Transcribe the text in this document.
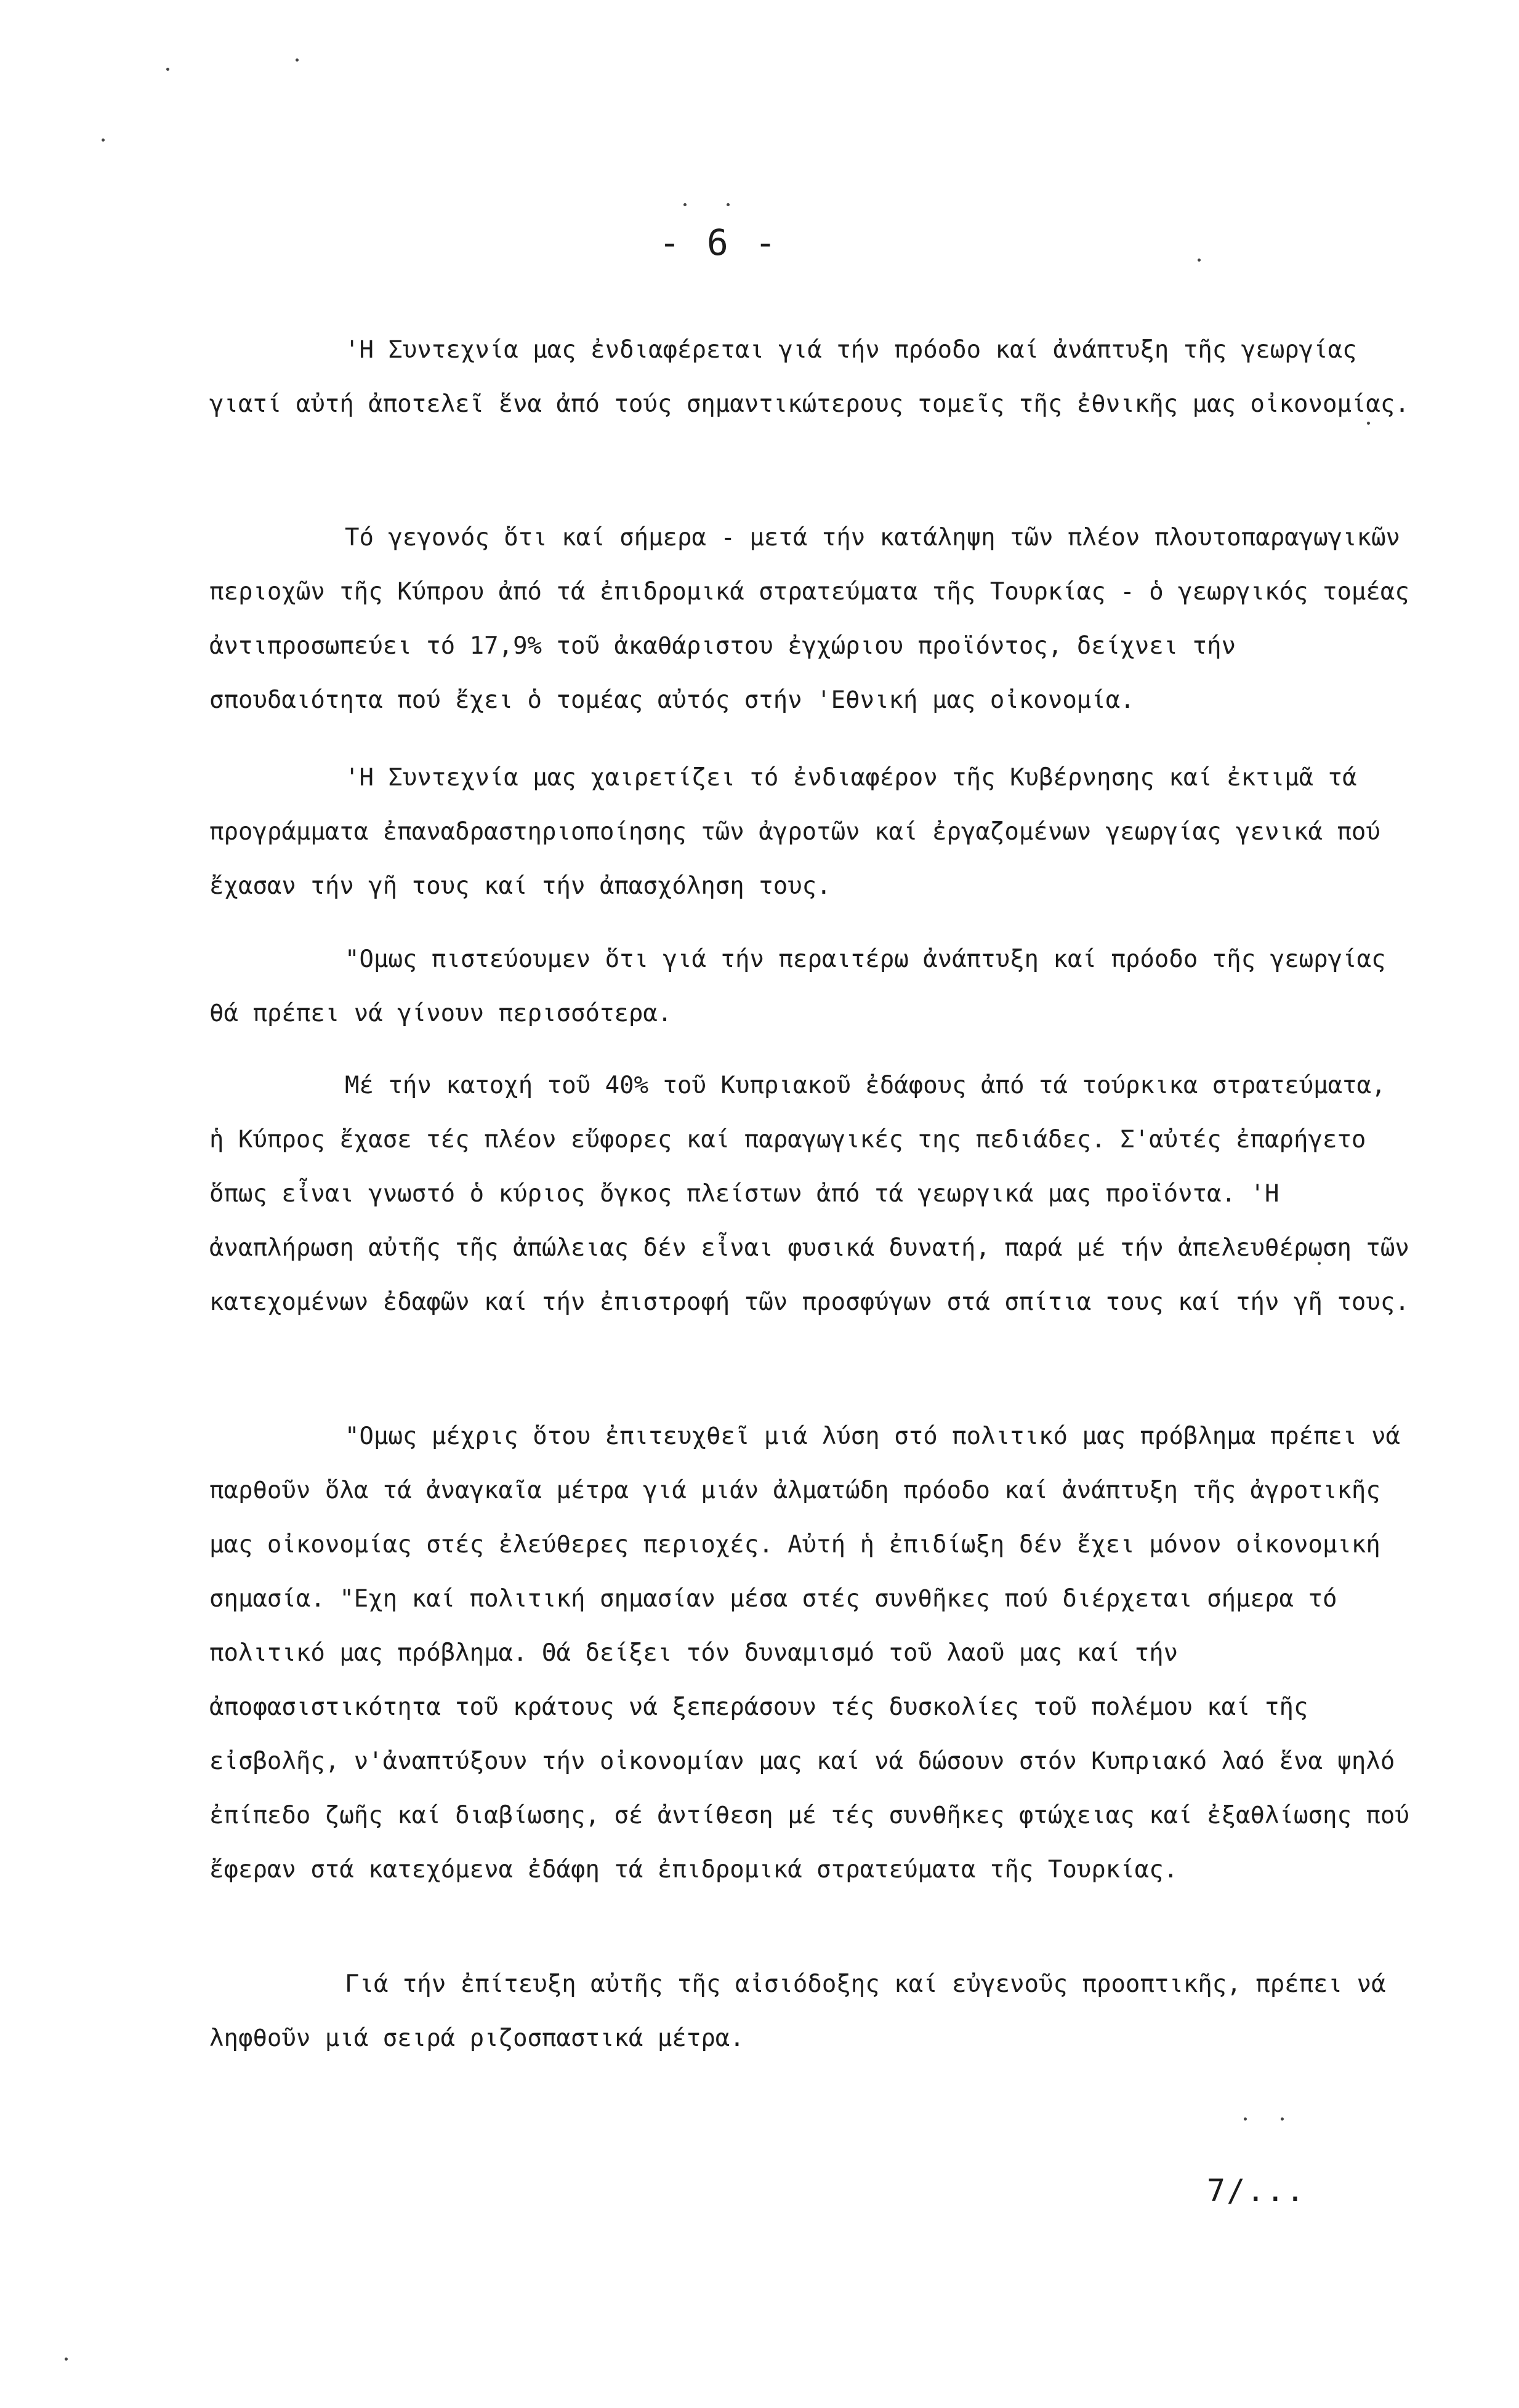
- 6 -

'Η Συντεχνία μας ἐνδιαφέρεται γιά τήν πρόοδο καί ἀνάπτυξη τῆς γεωργίας γιατί αὐτή ἀποτελεῖ ἕνα ἀπό τούς σημαντικώτερους τομεῖς τῆς ἐθνικῆς μας οἰκονομίας.

Τό γεγονός ὅτι καί σήμερα - μετά τήν κατάληψη τῶν πλέον πλουτοπαραγωγικῶν περιοχῶν τῆς Κύπρου ἀπό τά ἐπιδρομικά στρατεύματα τῆς Τουρκίας - ὁ γεωργικός τομέας ἀντιπροσωπεύει τό 17,9% τοῦ ἀκαθάριστου ἐγχώριου προϊόντος, δείχνει τήν σπουδαιότητα πού ἔχει ὁ τομέας αὐτός στήν 'Εθνική μας οἰκονομία.

'Η Συντεχνία μας χαιρετίζει τό ἐνδιαφέρον τῆς Κυβέρνησης καί ἐκτιμᾶ τά προγράμματα ἐπαναδραστηριοποίησης τῶν ἀγροτῶν καί ἐργαζομένων γεωργίας γενικά πού ἔχασαν τήν γῆ τους καί τήν ἀπασχόληση τους.

"Ομως πιστεύουμεν ὅτι γιά τήν περαιτέρω ἀνάπτυξη καί πρόοδο τῆς γεωργίας θά πρέπει νά γίνουν περισσότερα.

Μέ τήν κατοχή τοῦ 40% τοῦ Κυπριακοῦ ἐδάφους ἀπό τά τούρκικα στρατεύματα, ἡ Κύπρος ἔχασε τές πλέον εὔφορες καί παραγωγικές της πεδιάδες. Σ'αὐτές ἐπαρήγετο ὅπως εἶναι γνωστό ὁ κύριος ὄγκος πλείστων ἀπό τά γεωργικά μας προϊόντα. 'Η ἀναπλήρωση αὐτῆς τῆς ἀπώλειας δέν εἶναι φυσικά δυνατή, παρά μέ τήν ἀπελευθέρωση τῶν κατεχομένων ἐδαφῶν καί τήν ἐπιστροφή τῶν προσφύγων στά σπίτια τους καί τήν γῆ τους.

"Ομως μέχρις ὅτου ἐπιτευχθεῖ μιά λύση στό πολιτικό μας πρόβλημα πρέπει νά παρθοῦν ὅλα τά ἀναγκαῖα μέτρα γιά μιάν ἀλματώδη πρόοδο καί ἀνάπτυξη τῆς ἀγροτικῆς μας οἰκονομίας στές ἐλεύθερες περιοχές. Αὐτή ἡ ἐπιδίωξη δέν ἔχει μόνον οἰκονομική σημασία. "Εχη καί πολιτική σημασίαν μέσα στές συνθῆκες πού διέρχεται σήμερα τό πολιτικό μας πρόβλημα. Θά δείξει τόν δυναμισμό τοῦ λαοῦ μας καί τήν ἀποφασιστικότητα τοῦ κράτους νά ξεπεράσουν τές δυσκολίες τοῦ πολέμου καί τῆς εἰσβολῆς, ν'ἀναπτύξουν τήν οἰκονομίαν μας καί νά δώσουν στόν Κυπριακό λαό ἕνα ψηλό ἐπίπεδο ζωῆς καί διαβίωσης, σέ ἀντίθεση μέ τές συνθῆκες φτώχειας καί ἐξαθλίωσης πού ἔφεραν στά κατεχόμενα ἐδάφη τά ἐπιδρομικά στρατεύματα τῆς Τουρκίας.

Γιά τήν ἐπίτευξη αὐτῆς τῆς αἰσιόδοξης καί εὐγενοῦς προοπτικῆς, πρέπει νά ληφθοῦν μιά σειρά ριζοσπαστικά μέτρα.

7/...
